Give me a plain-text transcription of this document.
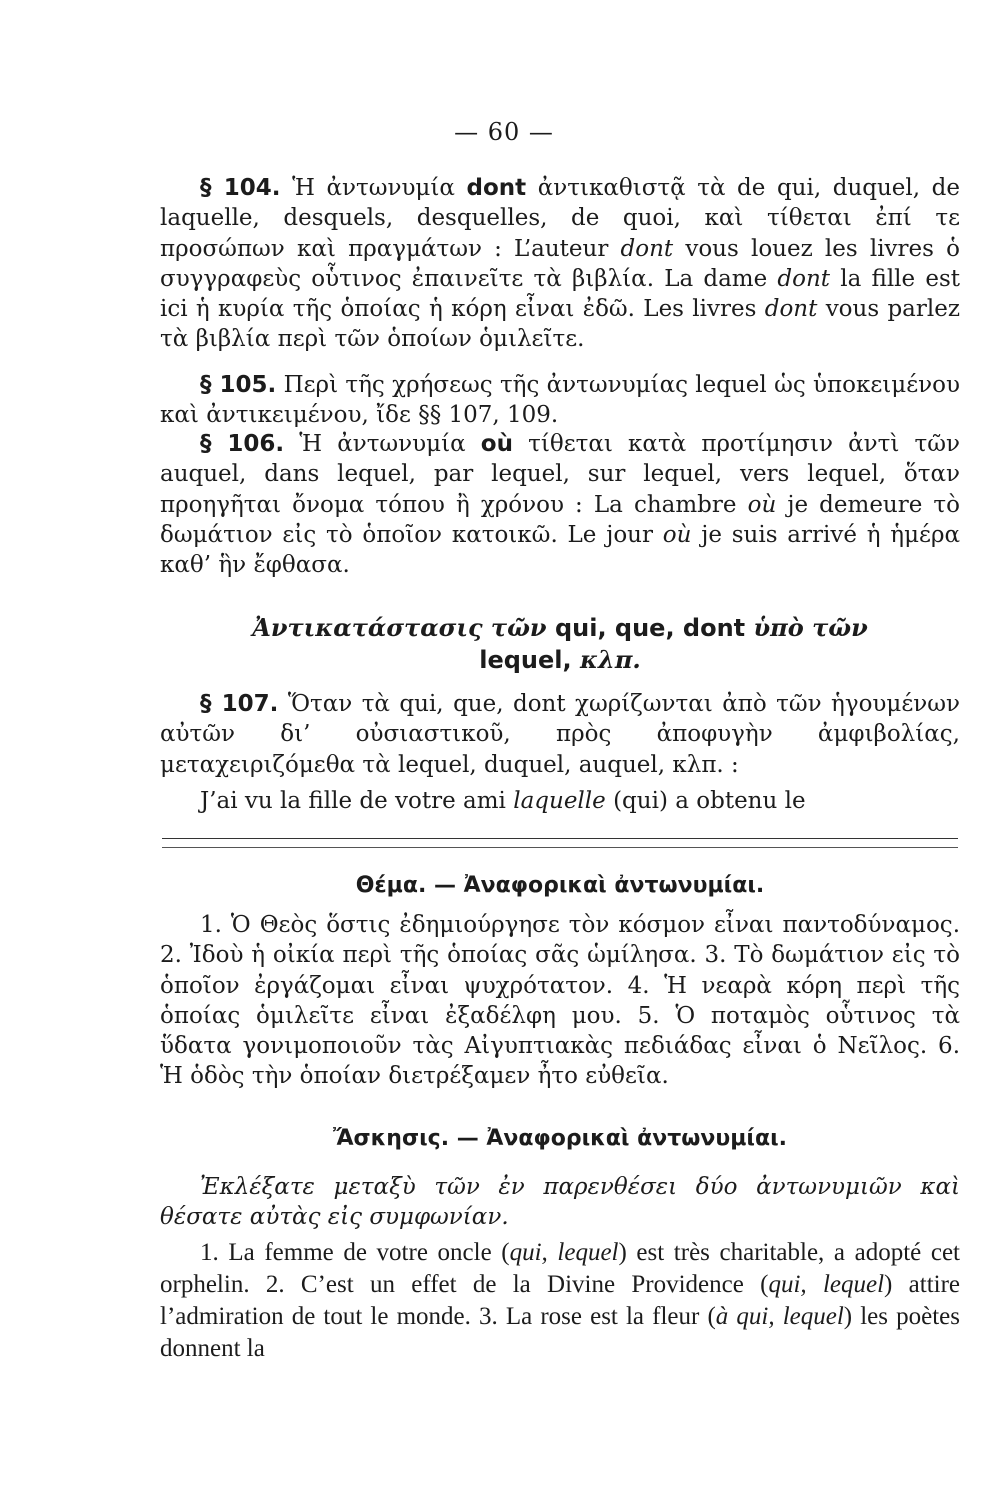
— 60 —
§ 104. Ἡ ἀντωνυμία dont ἀντικαθιστᾷ τὰ de qui, duquel, de laquelle, desquels, desquelles, de quoi, καὶ τίθεται ἐπί τε προσώπων καὶ πραγμάτων : L’auteur dont vous louez les livres ὁ συγγραφεὺς οὗτινος ἐπαινεῖτε τὰ βιβλία. La dame dont la fille est ici ἡ κυρία τῆς ὁποίας ἡ κόρη εἶναι ἐδῶ. Les livres dont vous parlez τὰ βιβλία περὶ τῶν ὁποίων ὁμιλεῖτε.
§ 105. Περὶ τῆς χρήσεως τῆς ἀντωνυμίας lequel ὡς ὑποκειμένου καὶ ἀντικειμένου, ἴδε §§ 107, 109.
§ 106. Ἡ ἀντωνυμία où τίθεται κατὰ προτίμησιν ἀντὶ τῶν auquel, dans lequel, par lequel, sur lequel, vers lequel, ὅταν προηγῆται ὄνομα τόπου ἢ χρόνου : La chambre où je demeure τὸ δωμάτιον εἰς τὸ ὁποῖον κατοικῶ. Le jour où je suis arrivé ἡ ἡμέρα καθ’ ἣν ἔφθασα.
Ἀντικατάστασις τῶν qui, que, dont ὑπὸ τῶν
lequel, κλπ.
§ 107. Ὅταν τὰ qui, que, dont χωρίζωνται ἀπὸ τῶν ἡγουμένων αὐτῶν δι’ οὐσιαστικοῦ, πρὸς ἀποφυγὴν ἀμφιβολίας, μεταχειριζόμεθα τὰ lequel, duquel, auquel, κλπ. :
J’ai vu la fille de votre ami laquelle (qui) a obtenu le
Θέμα. — Ἀναφορικαὶ ἀντωνυμίαι.
1. Ὁ Θεὸς ὅστις ἐδημιούργησε τὸν κόσμον εἶναι παντοδύναμος. 2. Ἰδοὺ ἡ οἰκία περὶ τῆς ὁποίας σᾶς ὡμίλησα. 3. Τὸ δωμάτιον εἰς τὸ ὁποῖον ἐργάζομαι εἶναι ψυχρότατον. 4. Ἡ νεαρὰ κόρη περὶ τῆς ὁποίας ὁμιλεῖτε εἶναι ἐξαδέλφη μου. 5. Ὁ ποταμὸς οὗτινος τὰ ὕδατα γονιμοποιοῦν τὰς Αἰγυπτιακὰς πεδιάδας εἶναι ὁ Νεῖλος. 6. Ἡ ὁδὸς τὴν ὁποίαν διετρέξαμεν ἦτο εὐθεῖα.
Ἄσκησις. — Ἀναφορικαὶ ἀντωνυμίαι.
Ἐκλέξατε μεταξὺ τῶν ἐν παρενθέσει δύο ἀντωνυμιῶν καὶ θέσατε αὐτὰς εἰς συμφωνίαν.
1. La femme de votre oncle (qui, lequel) est très charitable, a adopté cet orphelin. 2. C’est un effet de la Divine Providence (qui, lequel) attire l’admiration de tout le monde. 3. La rose est la fleur (à qui, lequel) les poètes donnent la
